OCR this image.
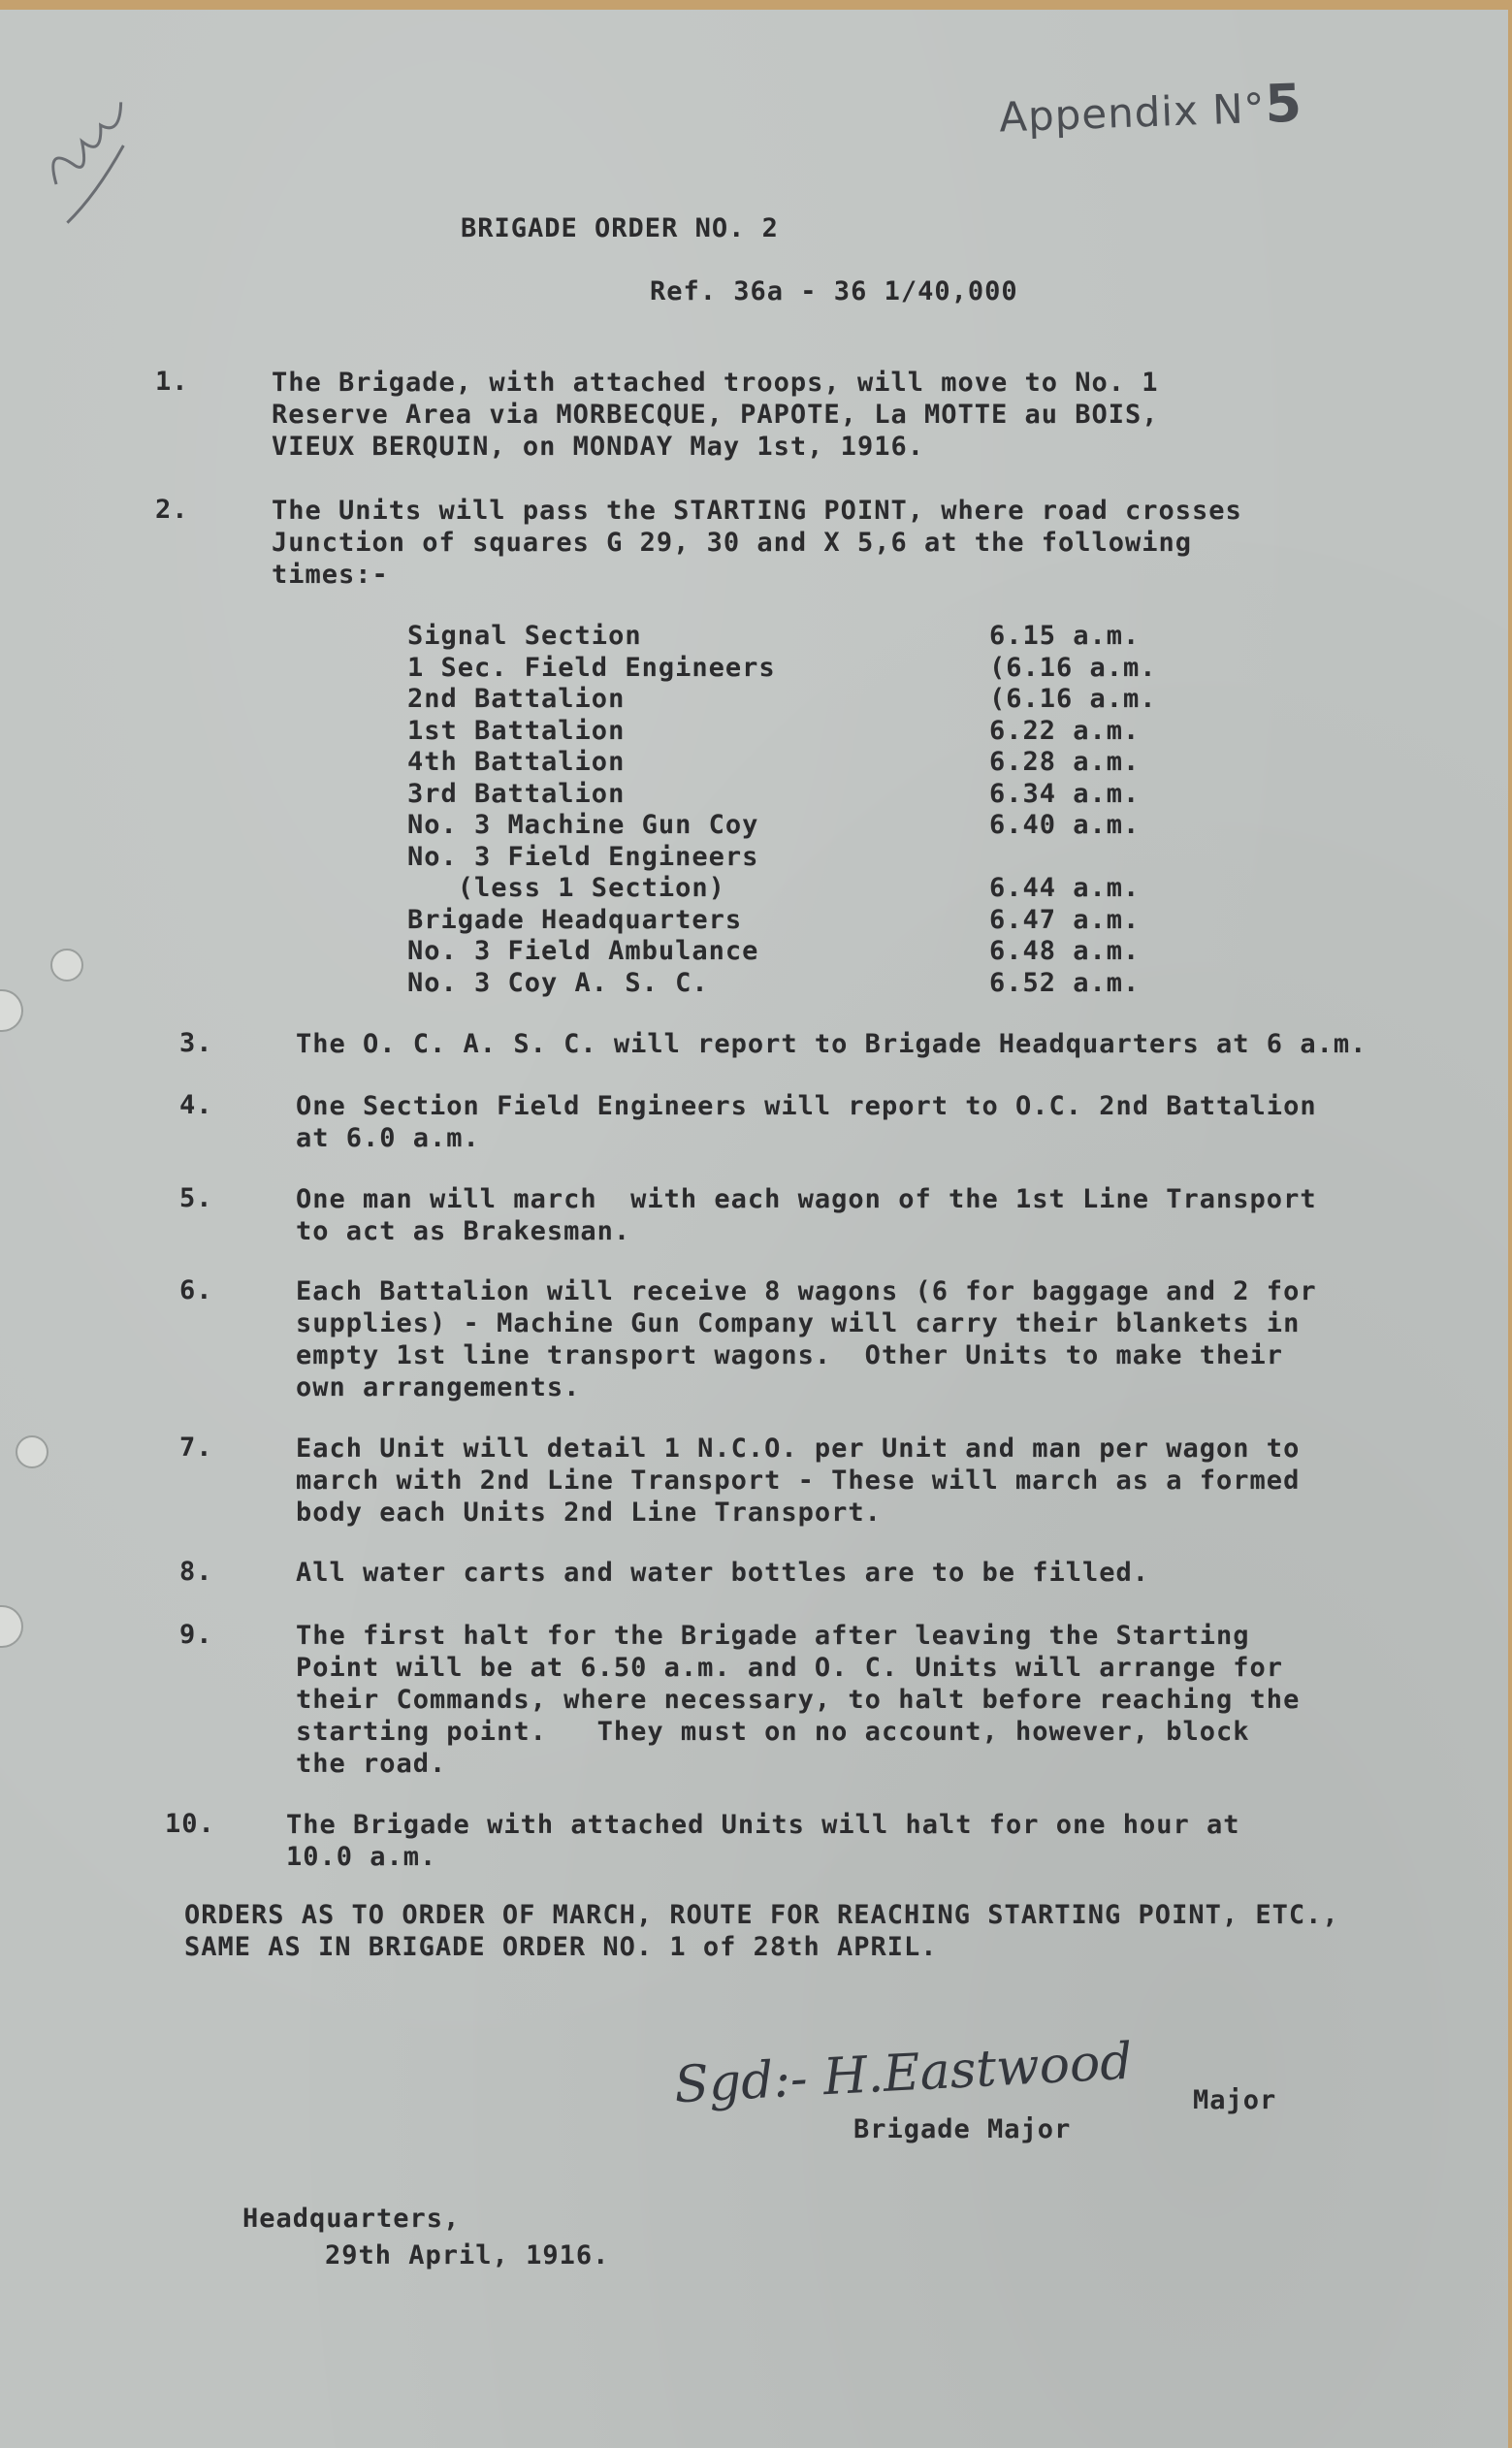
Appendix N°5
BRIGADE ORDER NO. 2
Ref. 36a - 36 1/40,000
1.	The Brigade, with attached troops, will move to No. 1
Reserve Area via MORBECQUE, PAPOTE, La MOTTE au BOIS,
VIEUX BERQUIN, on MONDAY May 1st, 1916.
2.	The Units will pass the STARTING POINT, where road crosses
Junction of squares G 29, 30 and X 5,6 at the following
times:-
Signal Section	6.15 a.m.
1 Sec. Field Engineers	(6.16 a.m.
2nd Battalion	(6.16 a.m.
1st Battalion	6.22 a.m.
4th Battalion	6.28 a.m.
3rd Battalion	6.34 a.m.
No. 3 Machine Gun Coy	6.40 a.m.
No. 3 Field Engineers
(less 1 Section)	6.44 a.m.
Brigade Headquarters	6.47 a.m.
No. 3 Field Ambulance	6.48 a.m.
No. 3 Coy A. S. C.	6.52 a.m.
3.	The O. C. A. S. C. will report to Brigade Headquarters at 6 a.m.
4.	One Section Field Engineers will report to O.C. 2nd Battalion
at 6.0 a.m.
5.	One man will march  with each wagon of the 1st Line Transport
to act as Brakesman.
6.	Each Battalion will receive 8 wagons (6 for baggage and 2 for
supplies) - Machine Gun Company will carry their blankets in
empty 1st line transport wagons.  Other Units to make their
own arrangements.
7.	Each Unit will detail 1 N.C.O. per Unit and man per wagon to
march with 2nd Line Transport - These will march as a formed
body each Units 2nd Line Transport.
8.	All water carts and water bottles are to be filled.
9.	The first halt for the Brigade after leaving the Starting
Point will be at 6.50 a.m. and O. C. Units will arrange for
their Commands, where necessary, to halt before reaching the
starting point.   They must on no account, however, block
the road.
10.	The Brigade with attached Units will halt for one hour at
10.0 a.m.
ORDERS AS TO ORDER OF MARCH, ROUTE FOR REACHING STARTING POINT, ETC.,
SAME AS IN BRIGADE ORDER NO. 1 of 28th APRIL.
Sgd:- H.Eastwood Major
Brigade Major
Headquarters,
29th April, 1916.
